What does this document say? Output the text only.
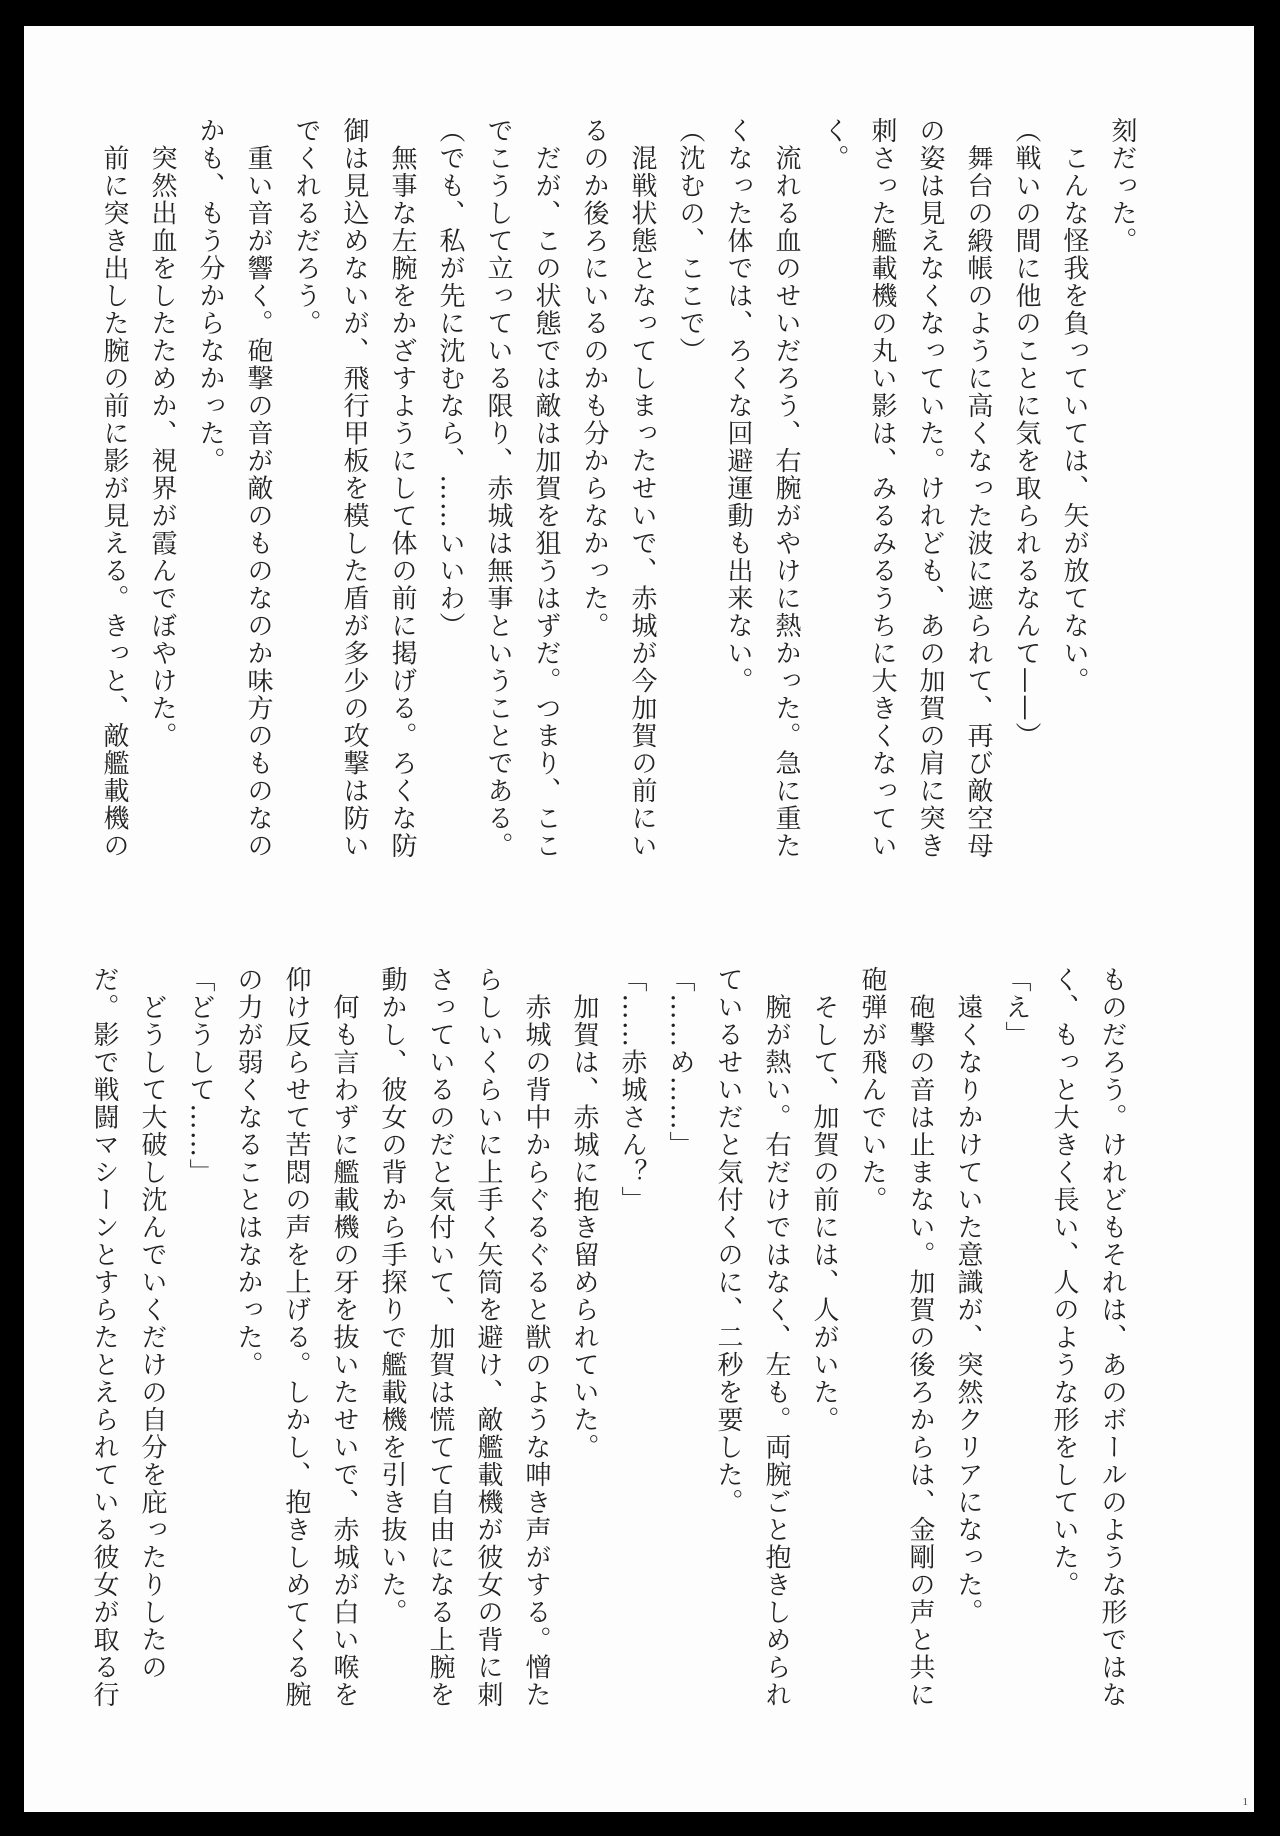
刻だった。
　こんな怪我を負っていては、矢が放てない。
（戦いの間に他のことに気を取られるなんて——）
　舞台の緞帳のように高くなった波に遮られて、再び敵空母
の姿は見えなくなっていた。けれども、あの加賀の肩に突き
刺さった艦載機の丸い影は、みるみるうちに大きくなってい
く。
　流れる血のせいだろう、右腕がやけに熱かった。急に重た
くなった体では、ろくな回避運動も出来ない。
（沈むの、ここで）
　混戦状態となってしまったせいで、赤城が今加賀の前にい
るのか後ろにいるのかも分からなかった。
　だが、この状態では敵は加賀を狙うはずだ。つまり、ここ
でこうして立っている限り、赤城は無事ということである。
（でも、私が先に沈むなら、……いいわ）
　無事な左腕をかざすようにして体の前に掲げる。ろくな防
御は見込めないが、飛行甲板を模した盾が多少の攻撃は防い
でくれるだろう。
　重い音が響く。砲撃の音が敵のものなのか味方のものなの
かも、もう分からなかった。
　突然出血をしたためか、視界が霞んでぼやけた。
　前に突き出した腕の前に影が見える。きっと、敵艦載機の
ものだろう。けれどもそれは、あのボールのような形ではな
く、もっと大きく長い、人のような形をしていた。
「え」
　遠くなりかけていた意識が、突然クリアになった。
　砲撃の音は止まない。加賀の後ろからは、金剛の声と共に
砲弾が飛んでいた。
　そして、加賀の前には、人がいた。
　腕が熱い。右だけではなく、左も。両腕ごと抱きしめられ
ているせいだと気付くのに、二秒を要した。
「……め……」
「……赤城さん？」
　加賀は、赤城に抱き留められていた。
　赤城の背中からぐるぐると獣のような呻き声がする。憎た
らしいくらいに上手く矢筒を避け、敵艦載機が彼女の背に刺
さっているのだと気付いて、加賀は慌てて自由になる上腕を
動かし、彼女の背から手探りで艦載機を引き抜いた。
　何も言わずに艦載機の牙を抜いたせいで、赤城が白い喉を
仰け反らせて苦悶の声を上げる。しかし、抱きしめてくる腕
の力が弱くなることはなかった。
「どうして……」
　どうして大破し沈んでいくだけの自分を庇ったりしたの
だ。影で戦闘マシーンとすらたとえられている彼女が取る行
1
